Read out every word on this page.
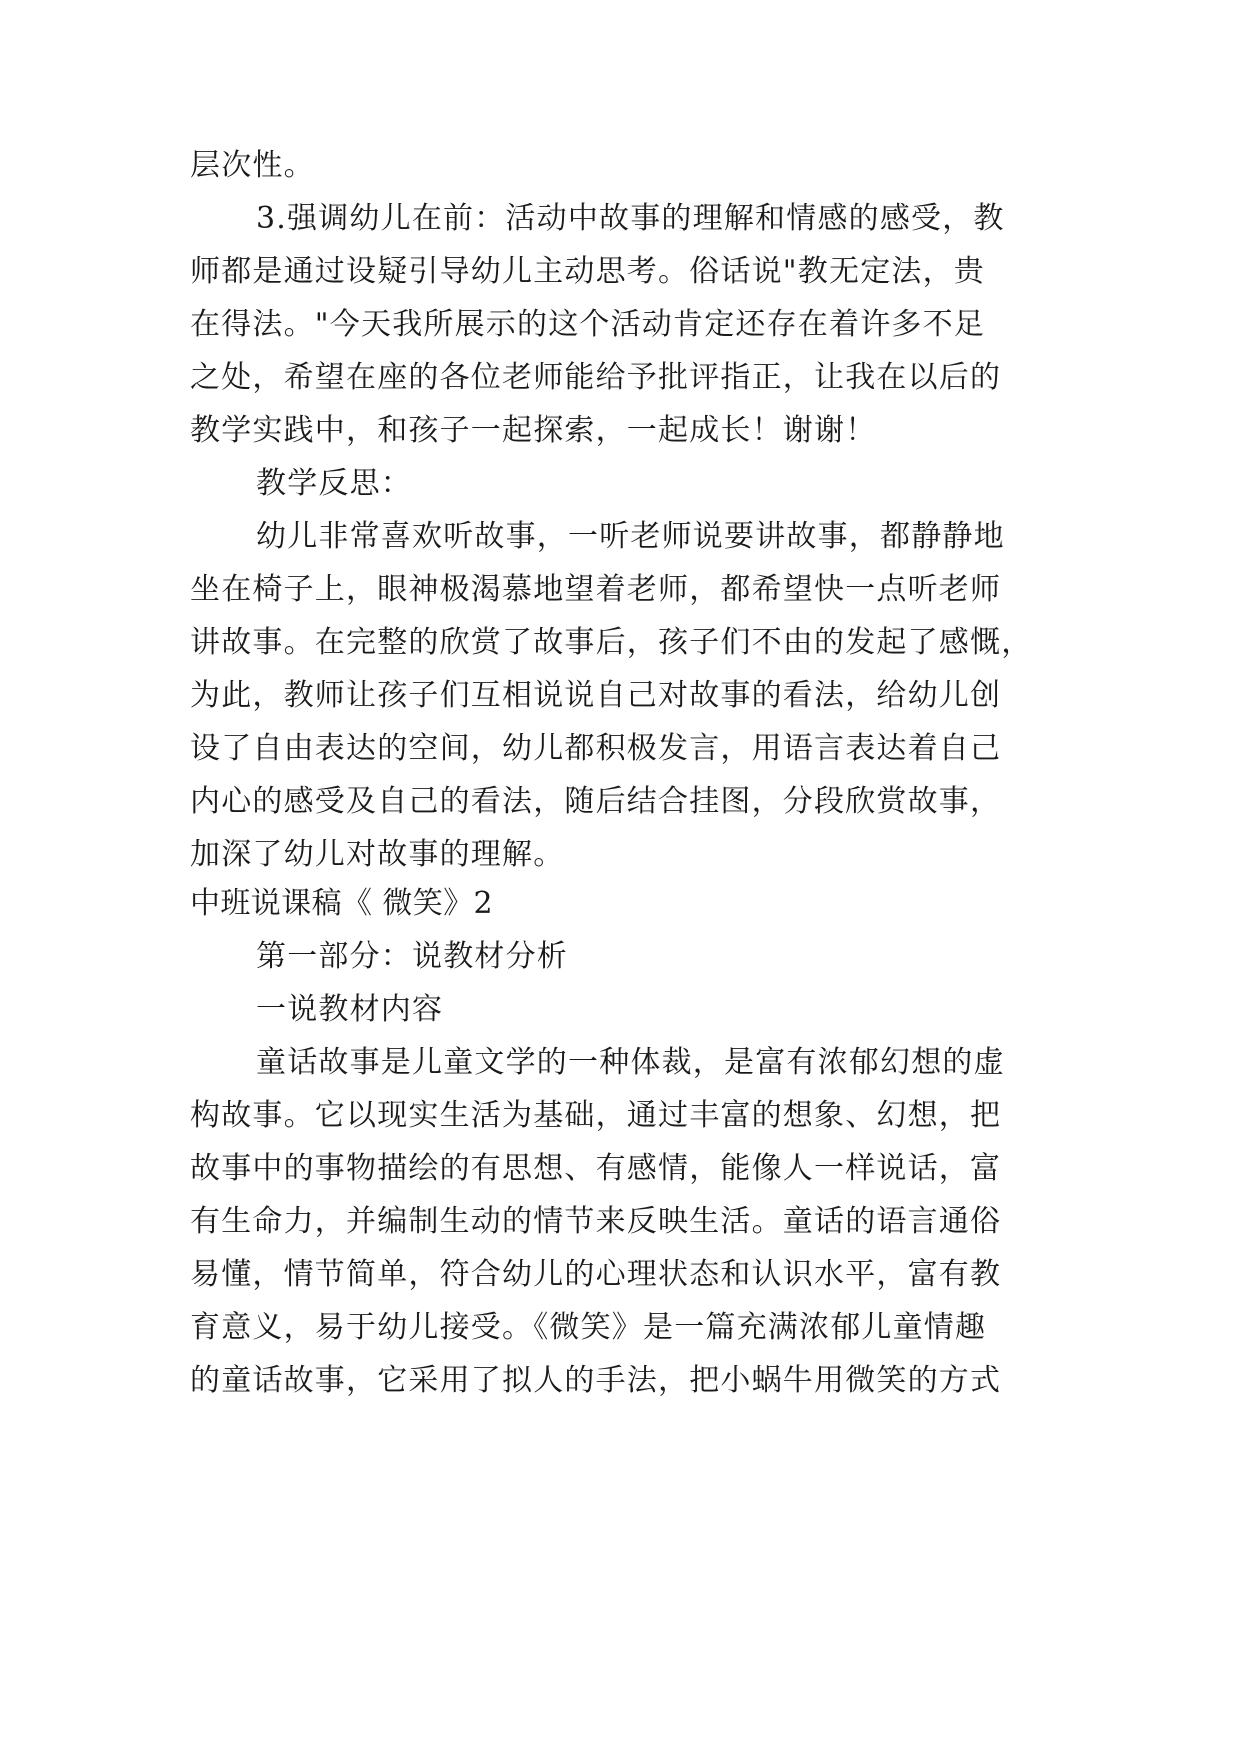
层次性。
3.强调幼儿在前：活动中故事的理解和情感的感受，教
师都是通过设疑引导幼儿主动思考。俗话说"教无定法，贵
在得法。"今天我所展示的这个活动肯定还存在着许多不足
之处，希望在座的各位老师能给予批评指正，让我在以后的
教学实践中，和孩子一起探索，一起成长！谢谢！
教学反思：
幼儿非常喜欢听故事，一听老师说要讲故事，都静静地
坐在椅子上，眼神极渴慕地望着老师，都希望快一点听老师
讲故事。在完整的欣赏了故事后，孩子们不由的发起了感慨，
为此，教师让孩子们互相说说自己对故事的看法，给幼儿创
设了自由表达的空间，幼儿都积极发言，用语言表达着自己
内心的感受及自己的看法，随后结合挂图，分段欣赏故事，
加深了幼儿对故事的理解。
中班说课稿《 微笑》2
第一部分：说教材分析
一说教材内容
童话故事是儿童文学的一种体裁，是富有浓郁幻想的虚
构故事。它以现实生活为基础，通过丰富的想象、幻想，把
故事中的事物描绘的有思想、有感情，能像人一样说话，富
有生命力，并编制生动的情节来反映生活。童话的语言通俗
易懂，情节简单，符合幼儿的心理状态和认识水平，富有教
育意义，易于幼儿接受。《微笑》是一篇充满浓郁儿童情趣
的童话故事，它采用了拟人的手法，把小蜗牛用微笑的方式
